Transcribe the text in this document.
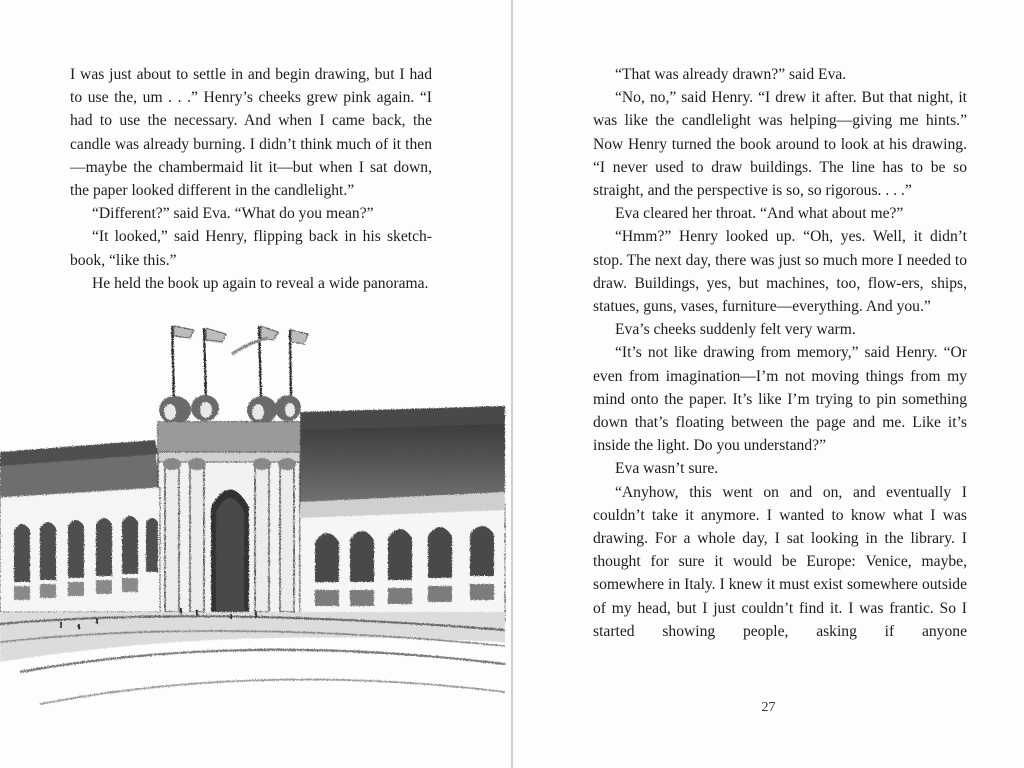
I was just about to settle in and begin drawing, but I had to use the, um . . .” Henry’s cheeks grew pink again. “I had to use the necessary. And when I came back, the candle was already burning. I didn’t think much of it then—maybe the chambermaid lit it—but when I sat down, the paper looked different in the candlelight.”

“Different?” said Eva. “What do you mean?”

“It looked,” said Henry, flipping back in his sketch-book, “like this.”

He held the book up again to reveal a wide panorama.

“That was already drawn?” said Eva.

“No, no,” said Henry. “I drew it after. But that night, it was like the candlelight was helping—giving me hints.” Now Henry turned the book around to look at his drawing. “I never used to draw buildings. The line has to be so straight, and the perspective is so, so rigorous. . . .”

Eva cleared her throat. “And what about me?”

“Hmm?” Henry looked up. “Oh, yes. Well, it didn’t stop. The next day, there was just so much more I needed to draw. Buildings, yes, but machines, too, flow-ers, ships, statues, guns, vases, furniture—everything. And you.”

Eva’s cheeks suddenly felt very warm.

“It’s not like drawing from memory,” said Henry. “Or even from imagination—I’m not moving things from my mind onto the paper. It’s like I’m trying to pin something down that’s floating between the page and me. Like it’s inside the light. Do you understand?”

Eva wasn’t sure.

“Anyhow, this went on and on, and eventually I couldn’t take it anymore. I wanted to know what I was drawing. For a whole day, I sat looking in the library. I thought for sure it would be Europe: Venice, maybe, somewhere in Italy. I knew it must exist somewhere outside of my head, but I just couldn’t find it. I was frantic. So I started showing people, asking if anyone

27
